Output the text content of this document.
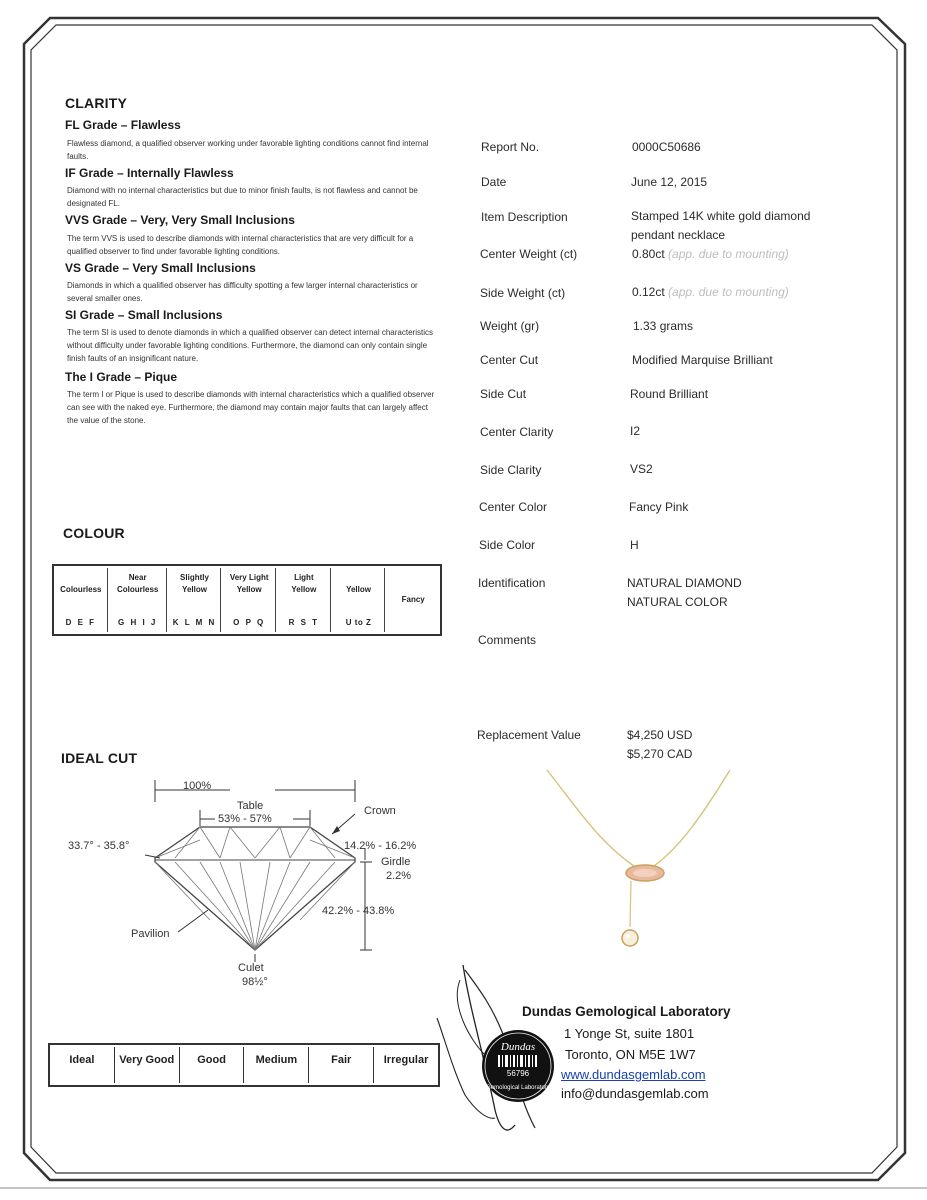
CLARITY
FL Grade – Flawless
Flawless diamond, a qualified observer working under favorable lighting conditions cannot find internal faults.
IF Grade – Internally Flawless
Diamond with no internal characteristics but due to minor finish faults, is not flawless and cannot be designated FL.
VVS Grade – Very, Very Small Inclusions
The term VVS is used to describe diamonds with internal characteristics that are very difficult for a qualified observer to find under favorable lighting conditions.
VS Grade – Very Small Inclusions
Diamonds in which a qualified observer has difficulty spotting a few larger internal characteristics or several smaller ones.
SI Grade – Small Inclusions
The term SI is used to denote diamonds in which a qualified observer can detect internal characteristics without difficulty under favorable lighting conditions. Furthermore, the diamond can only contain single finish faults of an insignificant nature.
The I Grade – Pique
The term I or Pique is used to describe diamonds with internal characteristics which a qualified observer can see with the naked eye. Furthermore, the diamond may contain major faults that can largely affect the value of the stone.
COLOUR
Colourless
D E F
Near Colourless
G H I J
Slightly Yellow
K L M N
Very Light Yellow
O P Q
Light Yellow
R S T
Yellow
U to Z
Fancy
IDEAL CUT
100%
Table
53% - 57%
Crown
33.7° - 35.8°	14.2% - 16.2%
Girdle
2.2%
42.2% - 43.8%
Pavilion
Culet
98½°
Ideal	Very Good	Good	Medium	Fair	Irregular
Report No.	0000C50686
Date	June 12, 2015
Item Description	Stamped 14K white gold diamond pendant necklace
Center Weight (ct)	0.80ct (app. due to mounting)
Side Weight (ct)	0.12ct (app. due to mounting)
Weight (gr)	1.33 grams
Center Cut	Modified Marquise Brilliant
Side Cut	Round Brilliant
Center Clarity	I2
Side Clarity	VS2
Center Color	Fancy Pink
Side Color	H
Identification	NATURAL DIAMOND
NATURAL COLOR
Comments
Replacement Value	$4,250 USD
$5,270 CAD
Dundas
56796
Gemological Laboratory
Dundas Gemological Laboratory
1 Yonge St, suite 1801
Toronto, ON M5E 1W7
www.dundasgemlab.com
info@dundasgemlab.com
